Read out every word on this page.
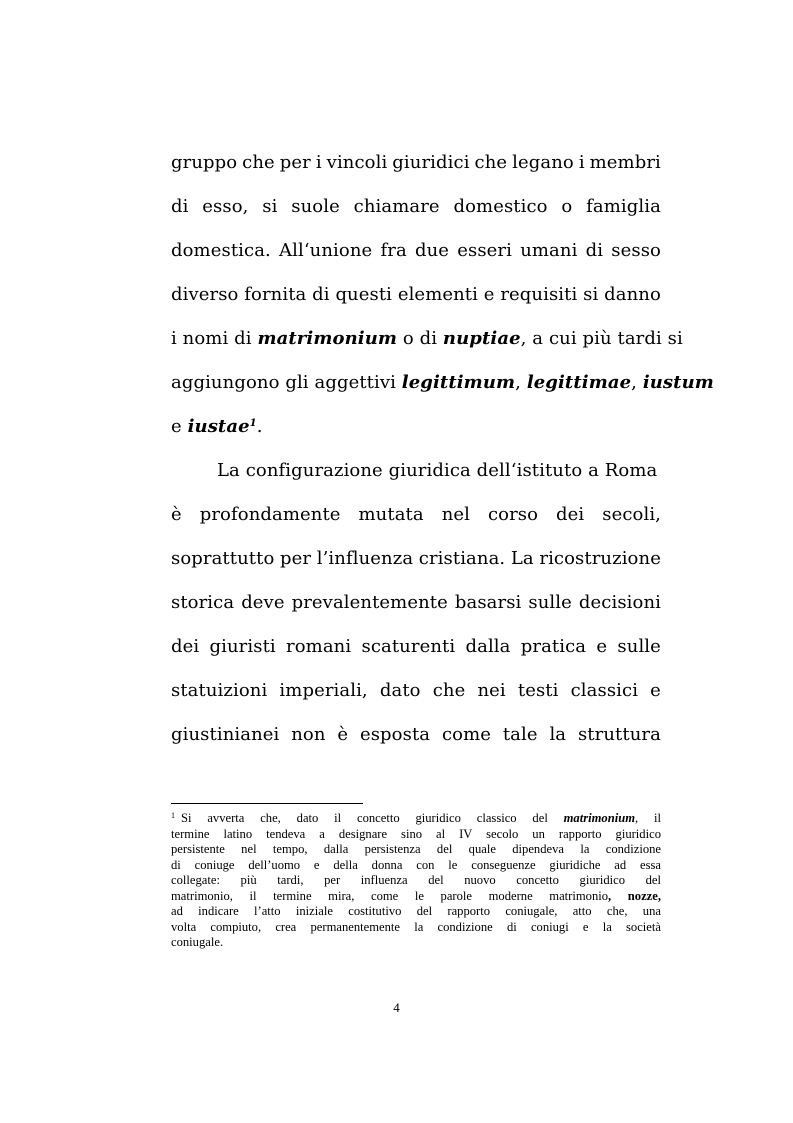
gruppo che per i vincoli giuridici che legano i membri
di esso, si suole chiamare domestico o famiglia
domestica. All‘unione fra due esseri umani di sesso
diverso fornita di questi elementi e requisiti si danno
i nomi di matrimonium o di nuptiae, a cui più tardi si
aggiungono gli aggettivi legittimum, legittimae, iustum
e iustae$^1$.
La configurazione giuridica dell‘istituto a Roma
è profondamente mutata nel corso dei secoli,
soprattutto per l’influenza cristiana. La ricostruzione
storica deve prevalentemente basarsi sulle decisioni
dei giuristi romani scaturenti dalla pratica e sulle
statuizioni imperiali, dato che nei testi classici e
giustinianei non è esposta come tale la struttura
$^1$ Si avverta che, dato il concetto giuridico classico del matrimonium, il
termine latino tendeva a designare sino al IV secolo un rapporto giuridico
persistente nel tempo, dalla persistenza del quale dipendeva la condizione
di coniuge dell’uomo e della donna con le conseguenze giuridiche ad essa
collegate: più tardi, per influenza del nuovo concetto giuridico del
matrimonio, il termine mira, come le parole moderne matrimonio, nozze,
ad indicare l’atto iniziale costitutivo del rapporto coniugale, atto che, una
volta compiuto, crea permanentemente la condizione di coniugi e la società
coniugale.
4
